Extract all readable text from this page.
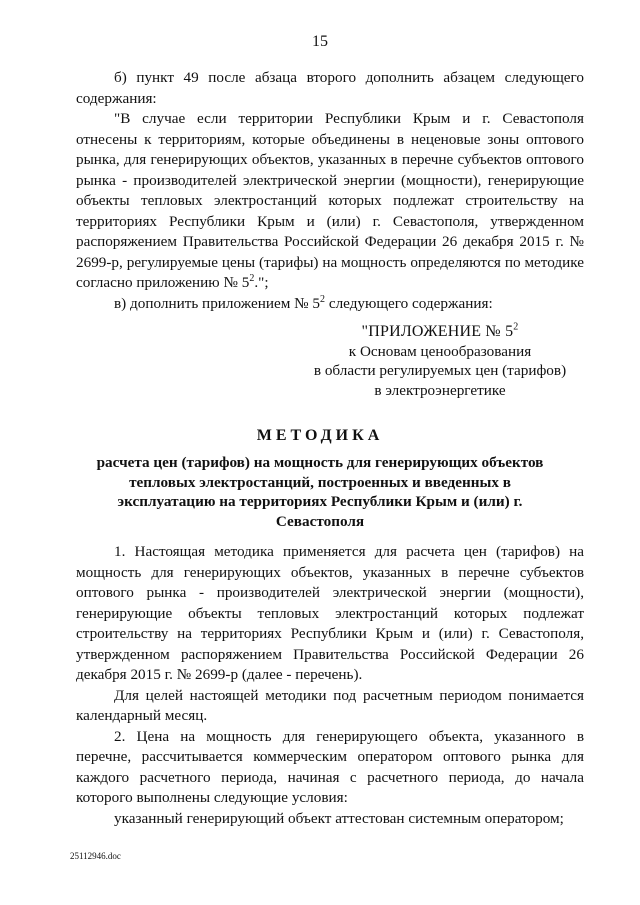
15

б) пункт 49 после абзаца второго дополнить абзацем следующего содержания:

"В случае если территории Республики Крым и г. Севастополя отнесены к территориям, которые объединены в неценовые зоны оптового рынка, для генерирующих объектов, указанных в перечне субъектов оптового рынка - производителей электрической энергии (мощности), генерирующие объекты тепловых электростанций которых подлежат строительству на территориях Республики Крым и (или) г. Севастополя, утвержденном распоряжением Правительства Российской Федерации 26 декабря 2015 г. № 2699-р, регулируемые цены (тарифы) на мощность определяются по методике согласно приложению № $5^2$.";

в) дополнить приложением № $5^2$ следующего содержания:

"ПРИЛОЖЕНИЕ № $5^2$
к Основам ценообразования
в области регулируемых цен (тарифов)
в электроэнергетике
МЕТОДИКА
расчета цен (тарифов) на мощность для генерирующих объектов тепловых электростанций, построенных и введенных в эксплуатацию на территориях Республики Крым и (или) г. Севастополя

1. Настоящая методика применяется для расчета цен (тарифов) на мощность для генерирующих объектов, указанных в перечне субъектов оптового рынка - производителей электрической энергии (мощности), генерирующие объекты тепловых электростанций которых подлежат строительству на территориях Республики Крым и (или) г. Севастополя, утвержденном распоряжением Правительства Российской Федерации 26 декабря 2015 г. № 2699-р (далее - перечень).

Для целей настоящей методики под расчетным периодом понимается календарный месяц.

2. Цена на мощность для генерирующего объекта, указанного в перечне, рассчитывается коммерческим оператором оптового рынка для каждого расчетного периода, начиная с расчетного периода, до начала которого выполнены следующие условия:

указанный генерирующий объект аттестован системным оператором;

25112946.doc
